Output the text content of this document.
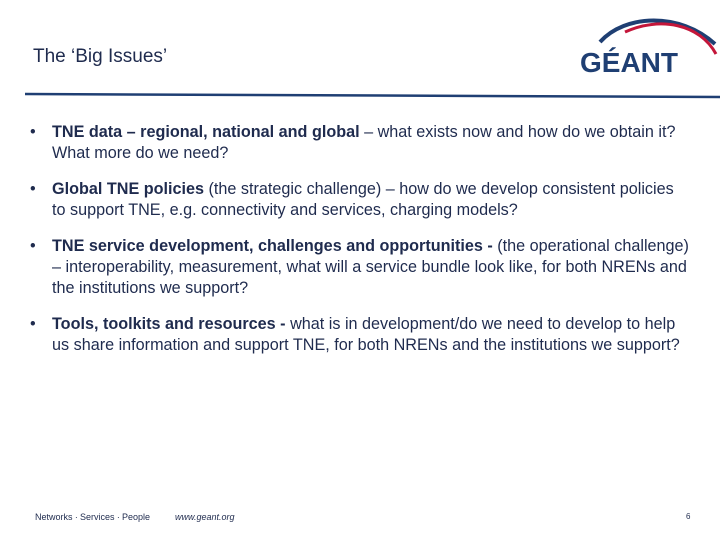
The ‘Big Issues’	GÉANT
• TNE data – regional, national and global – what exists now and how do we obtain it? What more do we need?
• Global TNE policies (the strategic challenge) – how do we develop consistent policies to support TNE, e.g. connectivity and services, charging models?
• TNE service development, challenges and opportunities - (the operational challenge) – interoperability, measurement, what will a service bundle look like, for both NRENs and the institutions we support?
• Tools, toolkits and resources - what is in development/do we need to develop to help us share information and support TNE, for both NRENs and the institutions we support?
Networks ∙ Services ∙ People	www.geant.org	6
